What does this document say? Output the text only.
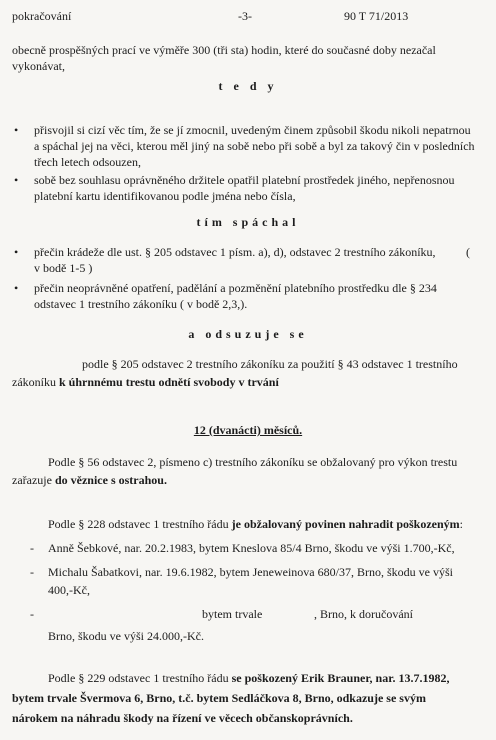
pokračování	-3-	90 T 71/2013

obecně prospěšných prací ve výměře 300 (tři sta) hodin, které do současné doby nezačal

vykonávat,

t e d y

• přisvojil si cizí věc tím, že se jí zmocnil, uvedeným činem způsobil škodu nikoli nepatrnou

a spáchal jej na věci, kterou měl jiný na sobě nebo při sobě a byl za takový čin v posledních

třech letech odsouzen,

• sobě bez souhlasu oprávněného držitele opatřil platební prostředek jiného, nepřenosnou

platební kartu identifikovanou podle jména nebo čísla,

tím spáchal

• přečin krádeže dle ust. § 205 odstavec 1 písm. a), d), odstavec 2 trestního zákoníku,	(

v bodě 1-5 )

• přečin neoprávněné opatření, padělání a pozměnění platebního prostředku dle § 234

odstavec 1 trestního zákoníku ( v bodě 2,3,).

a odsuzuje se

podle § 205 odstavec 2 trestního zákoníku za použití § 43 odstavec 1 trestního

zákoníku k úhrnnému trestu odnětí svobody v trvání

12 (dvanácti) měsíců.

Podle § 56 odstavec 2, písmeno c) trestního zákoníku se obžalovaný pro výkon trestu

zařazuje do věznice s ostrahou.

Podle § 228 odstavec 1 trestního řádu je obžalovaný povinen nahradit poškozeným:

- Anně Šebkové, nar. 20.2.1983, bytem Kneslova 85/4 Brno, škodu ve výši 1.700,-Kč,

- Michalu Šabatkovi, nar. 19.6.1982, bytem Jeneweinova 680/37, Brno, škodu ve výši

400,-Kč,

-	bytem trvale	, Brno, k doručování

Brno, škodu ve výši 24.000,-Kč.

Podle § 229 odstavec 1 trestního řádu se poškozený Erik Brauner, nar. 13.7.1982,

bytem trvale Švermova 6, Brno, t.č. bytem Sedláčkova 8, Brno, odkazuje se svým

nárokem na náhradu škody na řízení ve věcech občanskoprávních.
